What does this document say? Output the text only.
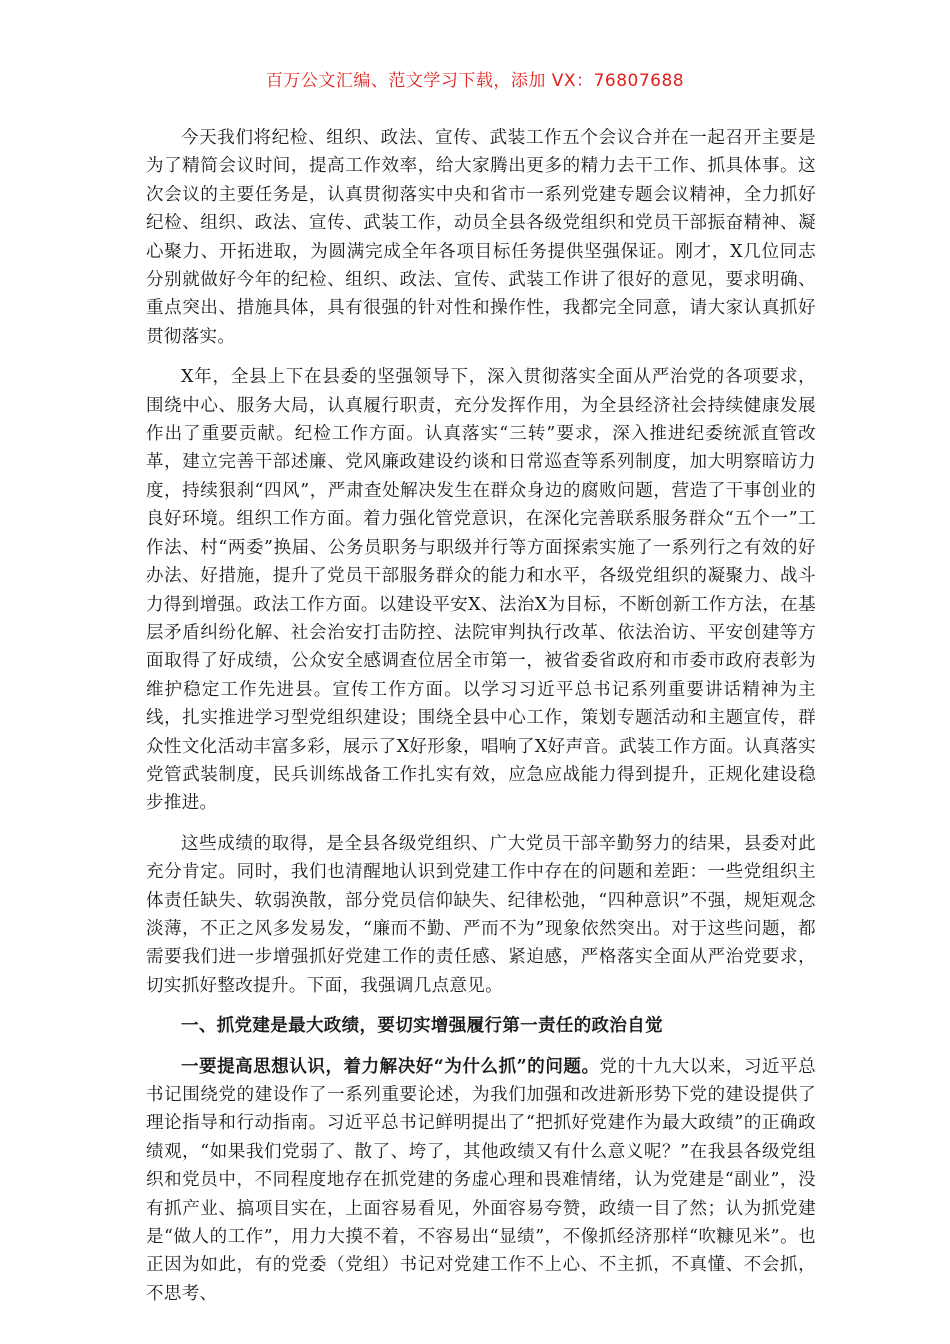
百万公文汇编、范文学习下载，添加 VX：76807688

今天我们将纪检、组织、政法、宣传、武装工作五个会议合并在一起召开主要是为了精简会议时间，提高工作效率，给大家腾出更多的精力去干工作、抓具体事。这次会议的主要任务是，认真贯彻落实中央和省市一系列党建专题会议精神，全力抓好纪检、组织、政法、宣传、武装工作，动员全县各级党组织和党员干部振奋精神、凝心聚力、开拓进取，为圆满完成全年各项目标任务提供坚强保证。刚才，X几位同志分别就做好今年的纪检、组织、政法、宣传、武装工作讲了很好的意见，要求明确、重点突出、措施具体，具有很强的针对性和操作性，我都完全同意，请大家认真抓好贯彻落实。

X年，全县上下在县委的坚强领导下，深入贯彻落实全面从严治党的各项要求，围绕中心、服务大局，认真履行职责，充分发挥作用，为全县经济社会持续健康发展作出了重要贡献。纪检工作方面。认真落实“三转”要求，深入推进纪委统派直管改革，建立完善干部述廉、党风廉政建设约谈和日常巡查等系列制度，加大明察暗访力度，持续狠刹“四风”，严肃查处解决发生在群众身边的腐败问题，营造了干事创业的良好环境。组织工作方面。着力强化管党意识，在深化完善联系服务群众“五个一”工作法、村“两委”换届、公务员职务与职级并行等方面探索实施了一系列行之有效的好办法、好措施，提升了党员干部服务群众的能力和水平，各级党组织的凝聚力、战斗力得到增强。政法工作方面。以建设平安X、法治X为目标，不断创新工作方法，在基层矛盾纠纷化解、社会治安打击防控、法院审判执行改革、依法治访、平安创建等方面取得了好成绩，公众安全感调查位居全市第一，被省委省政府和市委市政府表彰为维护稳定工作先进县。宣传工作方面。以学习习近平总书记系列重要讲话精神为主线，扎实推进学习型党组织建设；围绕全县中心工作，策划专题活动和主题宣传，群众性文化活动丰富多彩，展示了X好形象，唱响了X好声音。武装工作方面。认真落实党管武装制度，民兵训练战备工作扎实有效，应急应战能力得到提升，正规化建设稳步推进。

这些成绩的取得，是全县各级党组织、广大党员干部辛勤努力的结果，县委对此充分肯定。同时，我们也清醒地认识到党建工作中存在的问题和差距：一些党组织主体责任缺失、软弱涣散，部分党员信仰缺失、纪律松弛，“四种意识”不强，规矩观念淡薄，不正之风多发易发，“廉而不勤、严而不为”现象依然突出。对于这些问题，都需要我们进一步增强抓好党建工作的责任感、紧迫感，严格落实全面从严治党要求，切实抓好整改提升。下面，我强调几点意见。

一、抓党建是最大政绩，要切实增强履行第一责任的政治自觉

一要提高思想认识，着力解决好“为什么抓”的问题。党的十九大以来，习近平总书记围绕党的建设作了一系列重要论述，为我们加强和改进新形势下党的建设提供了理论指导和行动指南。习近平总书记鲜明提出了“把抓好党建作为最大政绩”的正确政绩观，“如果我们党弱了、散了、垮了，其他政绩又有什么意义呢？”在我县各级党组织和党员中，不同程度地存在抓党建的务虚心理和畏难情绪，认为党建是“副业”，没有抓产业、搞项目实在，上面容易看见，外面容易夸赞，政绩一目了然；认为抓党建是“做人的工作”，用力大摸不着，不容易出“显绩”，不像抓经济那样“吹糠见米”。也正因为如此，有的党委（党组）书记对党建工作不上心、不主抓，不真懂、不会抓，不思考、
